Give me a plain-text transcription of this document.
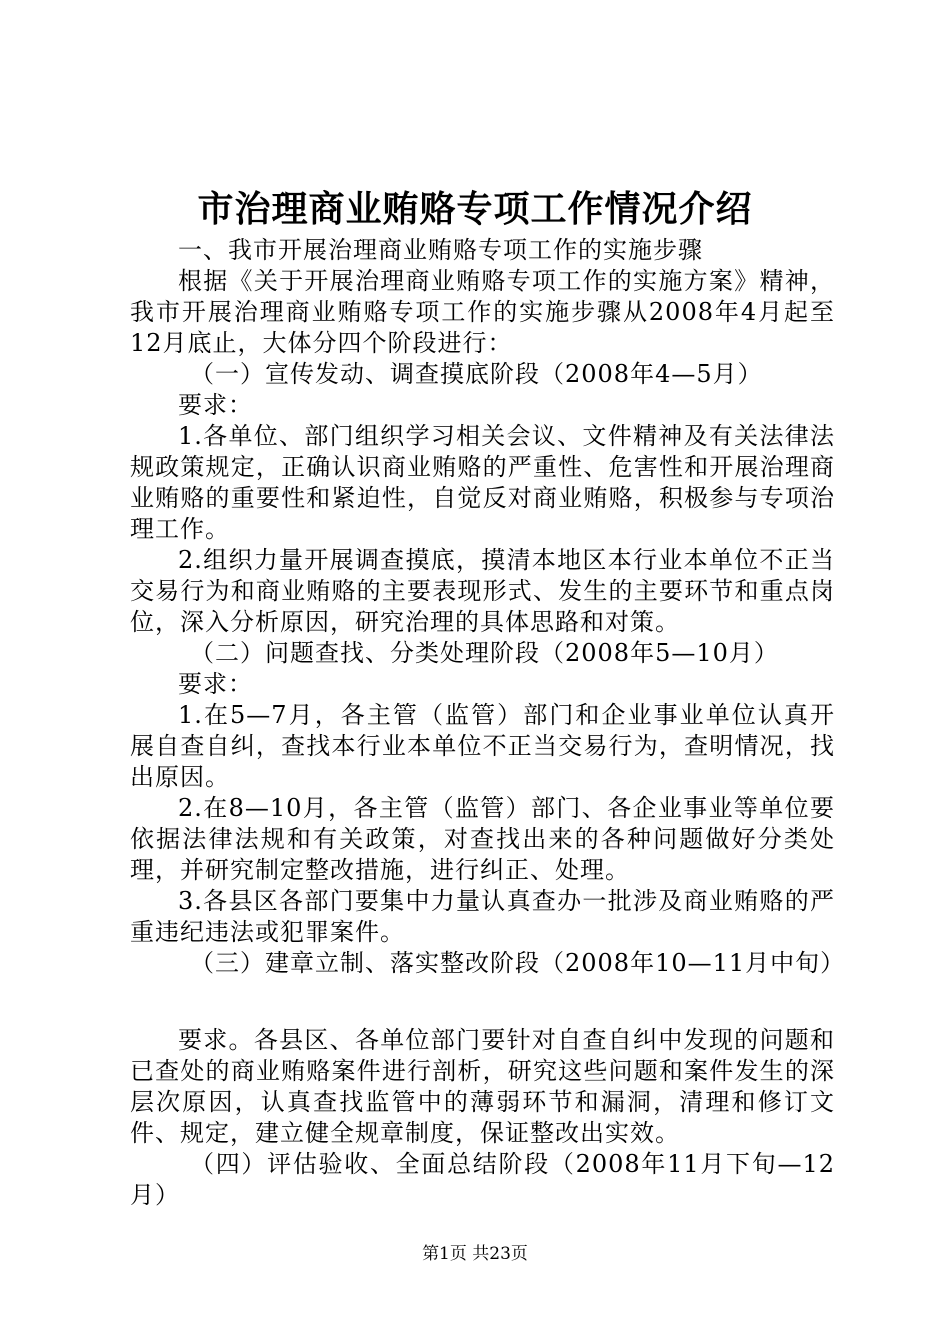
市治理商业贿赂专项工作情况介绍

一、我市开展治理商业贿赂专项工作的实施步骤

根据《关于开展治理商业贿赂专项工作的实施方案》精神，我市开展治理商业贿赂专项工作的实施步骤从2008年4月起至12月底止，大体分四个阶段进行：

（一）宣传发动、调查摸底阶段（2008年4—5月）

要求：

1.各单位、部门组织学习相关会议、文件精神及有关法律法规政策规定，正确认识商业贿赂的严重性、危害性和开展治理商业贿赂的重要性和紧迫性，自觉反对商业贿赂，积极参与专项治理工作。

2.组织力量开展调查摸底，摸清本地区本行业本单位不正当交易行为和商业贿赂的主要表现形式、发生的主要环节和重点岗位，深入分析原因，研究治理的具体思路和对策。

（二）问题查找、分类处理阶段（2008年5—10月）

要求：

1.在5—7月，各主管（监管）部门和企业事业单位认真开展自查自纠，查找本行业本单位不正当交易行为，查明情况，找出原因。

2.在8—10月，各主管（监管）部门、各企业事业等单位要依据法律法规和有关政策，对查找出来的各种问题做好分类处理，并研究制定整改措施，进行纠正、处理。

3.各县区各部门要集中力量认真查办一批涉及商业贿赂的严重违纪违法或犯罪案件。

（三）建章立制、落实整改阶段（2008年10—11月中旬）

要求。各县区、各单位部门要针对自查自纠中发现的问题和已查处的商业贿赂案件进行剖析，研究这些问题和案件发生的深层次原因，认真查找监管中的薄弱环节和漏洞，清理和修订文件、规定，建立健全规章制度，保证整改出实效。

（四）评估验收、全面总结阶段（2008年11月下旬—12月）

第1页 共23页
